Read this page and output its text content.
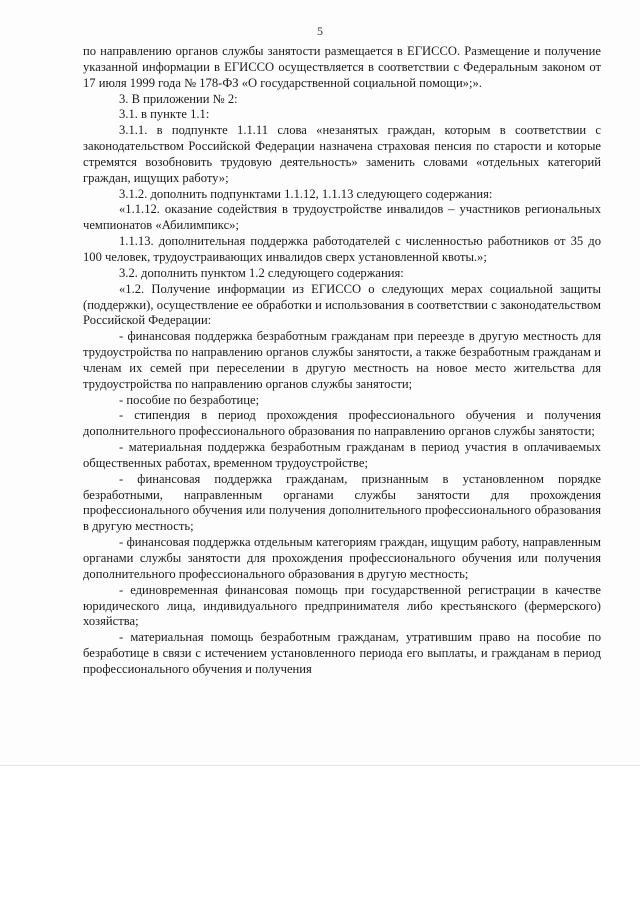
5

по направлению органов службы занятости размещается в ЕГИССО. Размещение и получение указанной информации в ЕГИССО осуществляется в соответствии с Федеральным законом от 17 июля 1999 года № 178-ФЗ «О государственной социальной помощи»;».

3. В приложении № 2:

3.1. в пункте 1.1:

3.1.1. в подпункте 1.1.11 слова «незанятых граждан, которым в соответствии с законодательством Российской Федерации назначена страховая пенсия по старости и которые стремятся возобновить трудовую деятельность» заменить словами «отдельных категорий граждан, ищущих работу»;

3.1.2. дополнить подпунктами 1.1.12, 1.1.13 следующего содержания:

«1.1.12. оказание содействия в трудоустройстве инвалидов – участников региональных чемпионатов «Абилимпикс»;

1.1.13. дополнительная поддержка работодателей с численностью работников от 35 до 100 человек, трудоустраивающих инвалидов сверх установленной квоты.»;

3.2. дополнить пунктом 1.2 следующего содержания:

«1.2. Получение информации из ЕГИССО о следующих мерах социальной защиты (поддержки), осуществление ее обработки и использования в соответствии с законодательством Российской Федерации:

- финансовая поддержка безработным гражданам при переезде в другую местность для трудоустройства по направлению органов службы занятости, а также безработным гражданам и членам их семей при переселении в другую местность на новое место жительства для трудоустройства по направлению органов службы занятости;

- пособие по безработице;

- стипендия в период прохождения профессионального обучения и получения дополнительного профессионального образования по направлению органов службы занятости;

- материальная поддержка безработным гражданам в период участия в оплачиваемых общественных работах, временном трудоустройстве;

- финансовая поддержка гражданам, признанным в установленном порядке безработными, направленным органами службы занятости для прохождения профессионального обучения или получения дополнительного профессионального образования в другую местность;

- финансовая поддержка отдельным категориям граждан, ищущим работу, направленным органами службы занятости для прохождения профессионального обучения или получения дополнительного профессионального образования в другую местность;

- единовременная финансовая помощь при государственной регистрации в качестве юридического лица, индивидуального предпринимателя либо крестьянского (фермерского) хозяйства;

- материальная помощь безработным гражданам, утратившим право на пособие по безработице в связи с истечением установленного периода его выплаты, и гражданам в период профессионального обучения и получения
